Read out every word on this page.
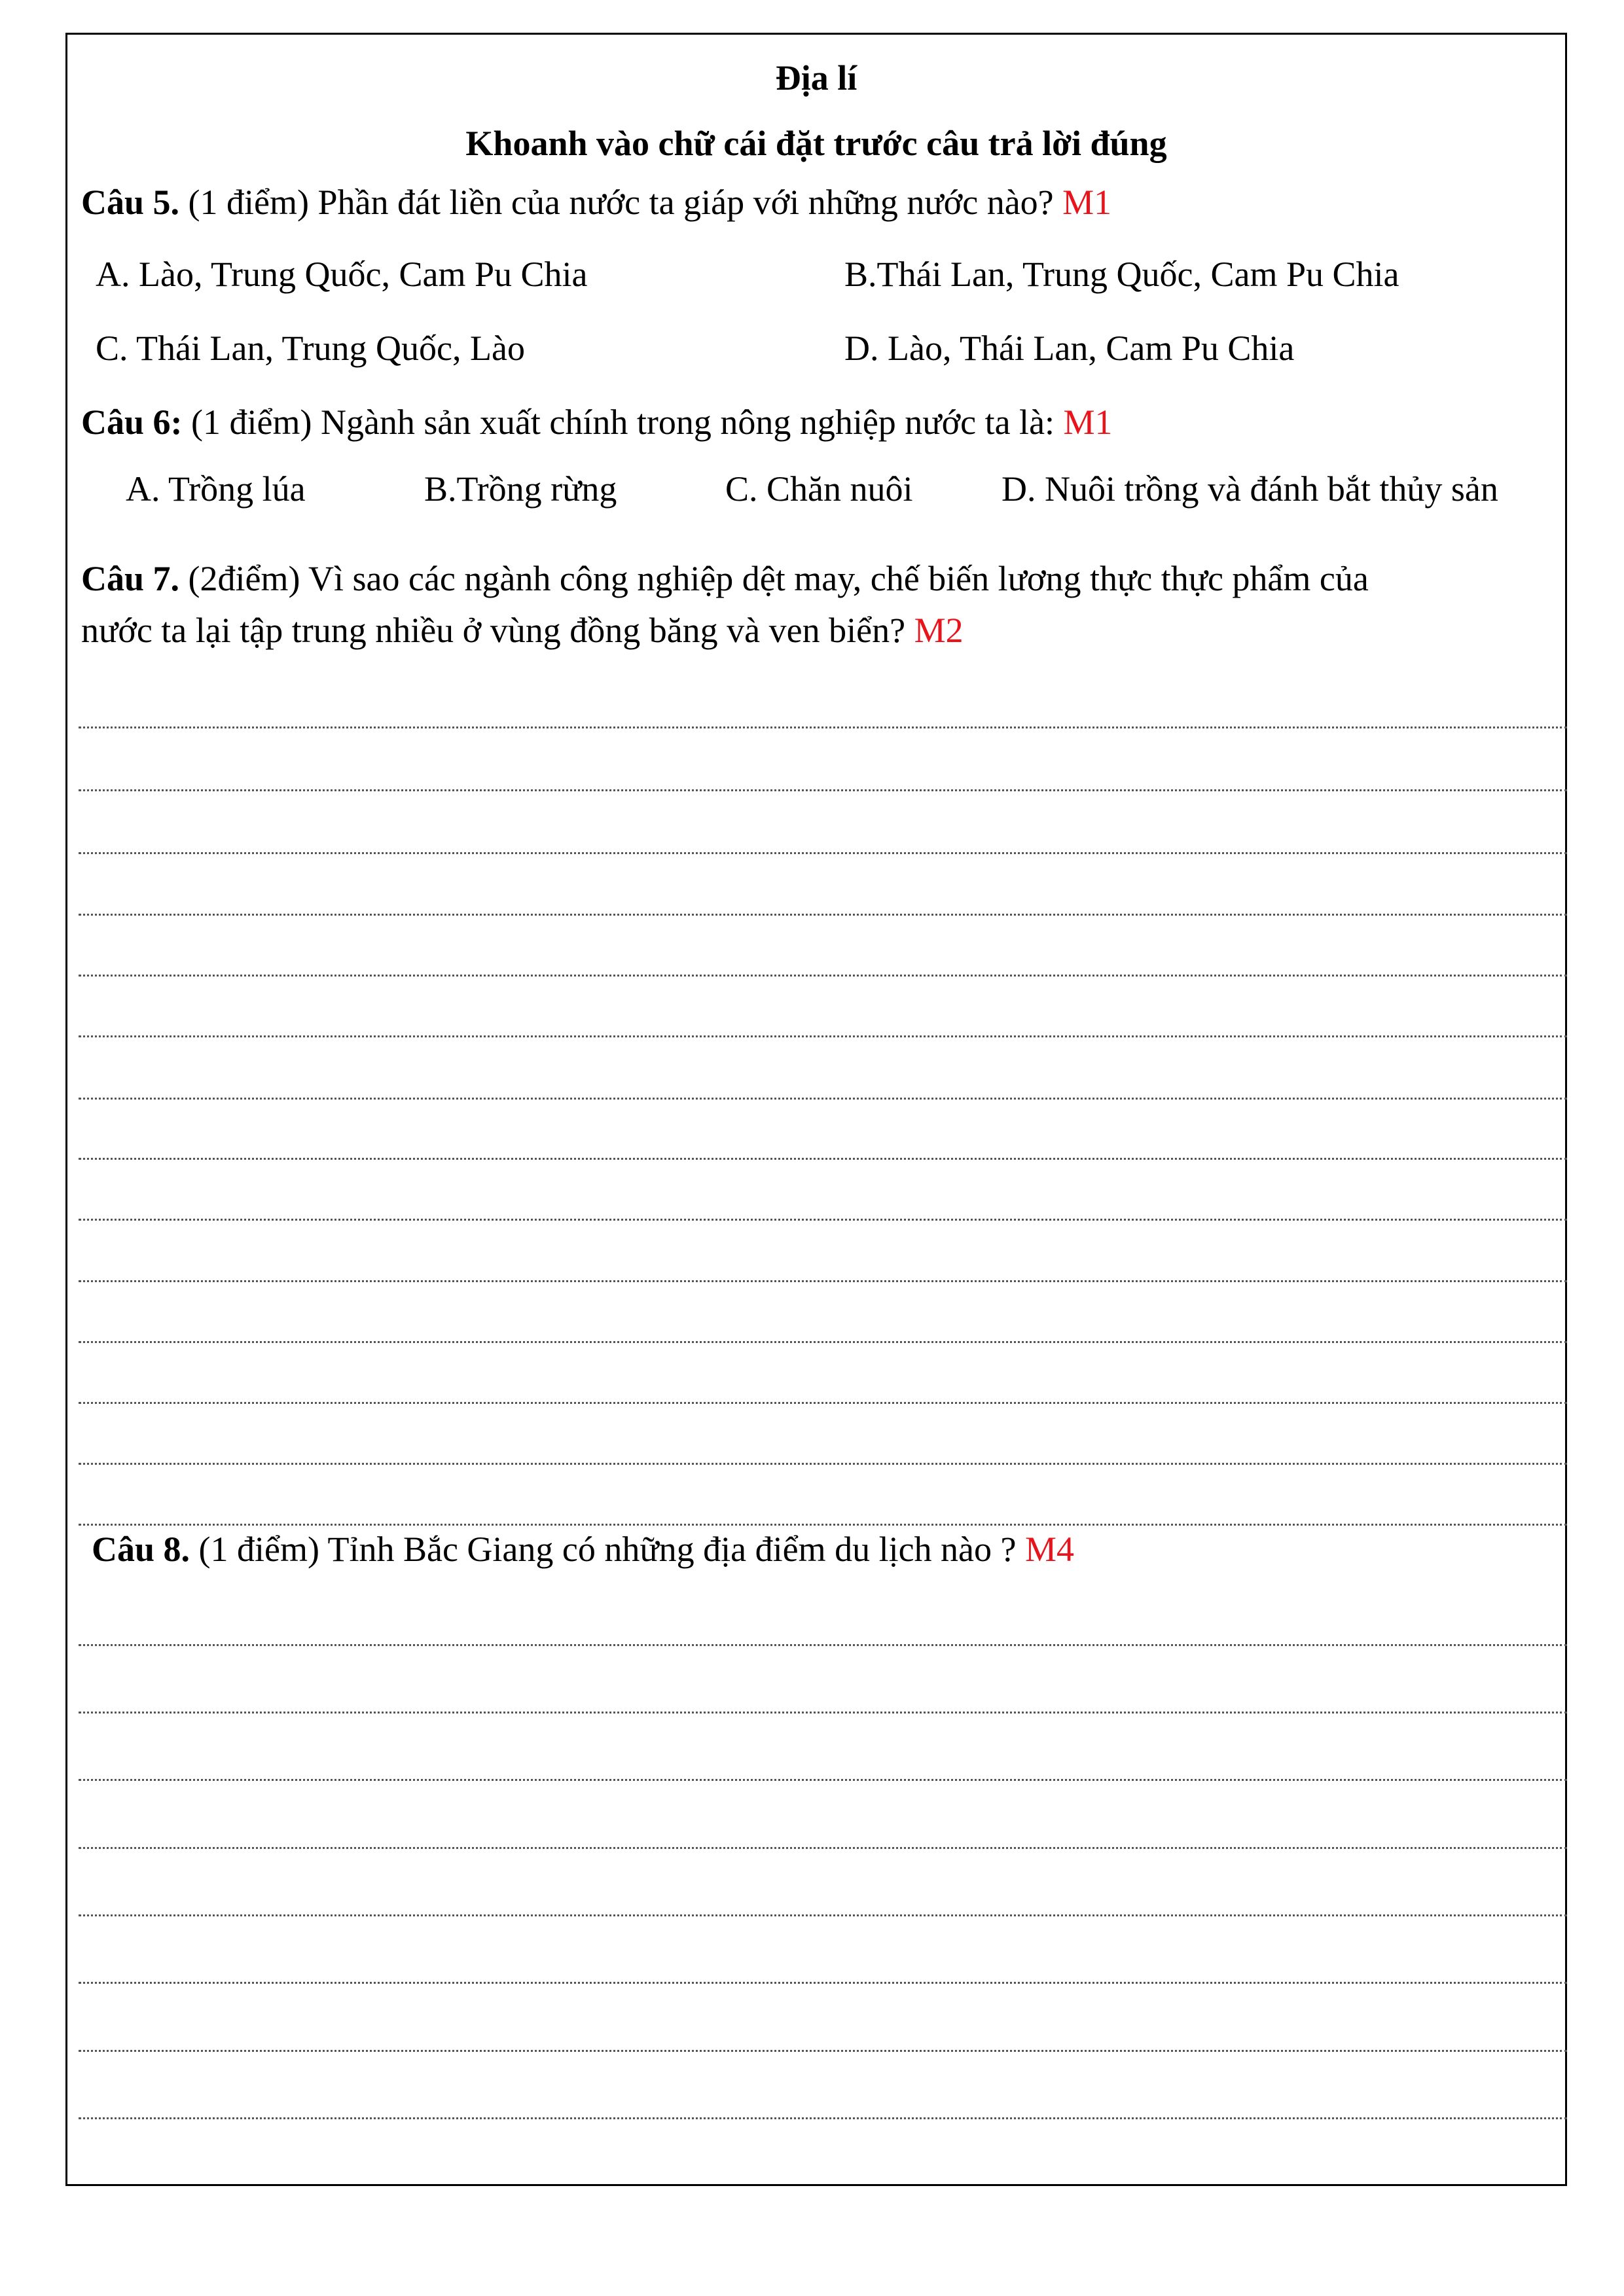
Địa lí
Khoanh vào chữ cái đặt trước câu trả lời đúng
Câu 5. (1 điểm) Phần đát liền của nước ta giáp với những nước nào? M1
A. Lào, Trung Quốc, Cam Pu Chia	B.Thái Lan, Trung Quốc, Cam Pu Chia
C. Thái Lan, Trung Quốc, Lào	D. Lào, Thái Lan, Cam Pu Chia
Câu 6: (1 điểm) Ngành sản xuất chính trong nông nghiệp nước ta là: M1
A. Trồng lúa	B.Trồng rừng	C. Chăn nuôi	D. Nuôi trồng và đánh bắt thủy sản
Câu 7. (2điểm) Vì sao các ngành công nghiệp dệt may, chế biến lương thực thực phẩm của
nước ta lại tập trung nhiều ở vùng đồng băng và ven biển? M2
Câu 8. (1 điểm) Tỉnh Bắc Giang có những địa điểm du lịch nào ? M4
